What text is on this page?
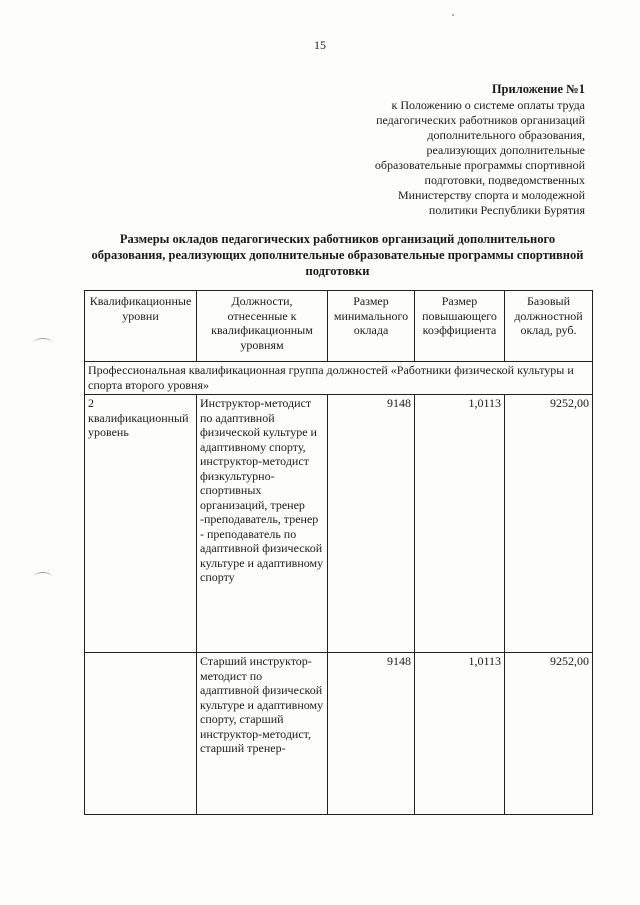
15
Приложение №1
к Положению о системе оплаты труда
педагогических работников организаций
дополнительного образования,
реализующих дополнительные
образовательные программы спортивной
подготовки, подведомственных
Министерству спорта и молодежной
политики Республики Бурятия
Размеры окладов педагогических работников организаций дополнительного
образования, реализующих дополнительные образовательные программы спортивной
подготовки
Квалификационные уровни	Должности, отнесенные к квалификационным уровням	Размер минимального оклада	Размер повышающего коэффициента	Базовый должностной оклад, руб.
Профессиональная квалификационная группа должностей «Работники физической культуры и спорта второго уровня»				
2 квалификационный уровень	Инструктор-методист по адаптивной физической культуре и адаптивному спорту, инструктор-методист физкультурно-спортивных организаций, тренер -преподаватель, тренер - преподаватель по адаптивной физической культуре и адаптивному спорту	9148	1,0113	9252,00
	Старший инструктор-методист по адаптивной физической культуре и адаптивному спорту, старший инструктор-методист, старший тренер-	9148	1,0113	9252,00
